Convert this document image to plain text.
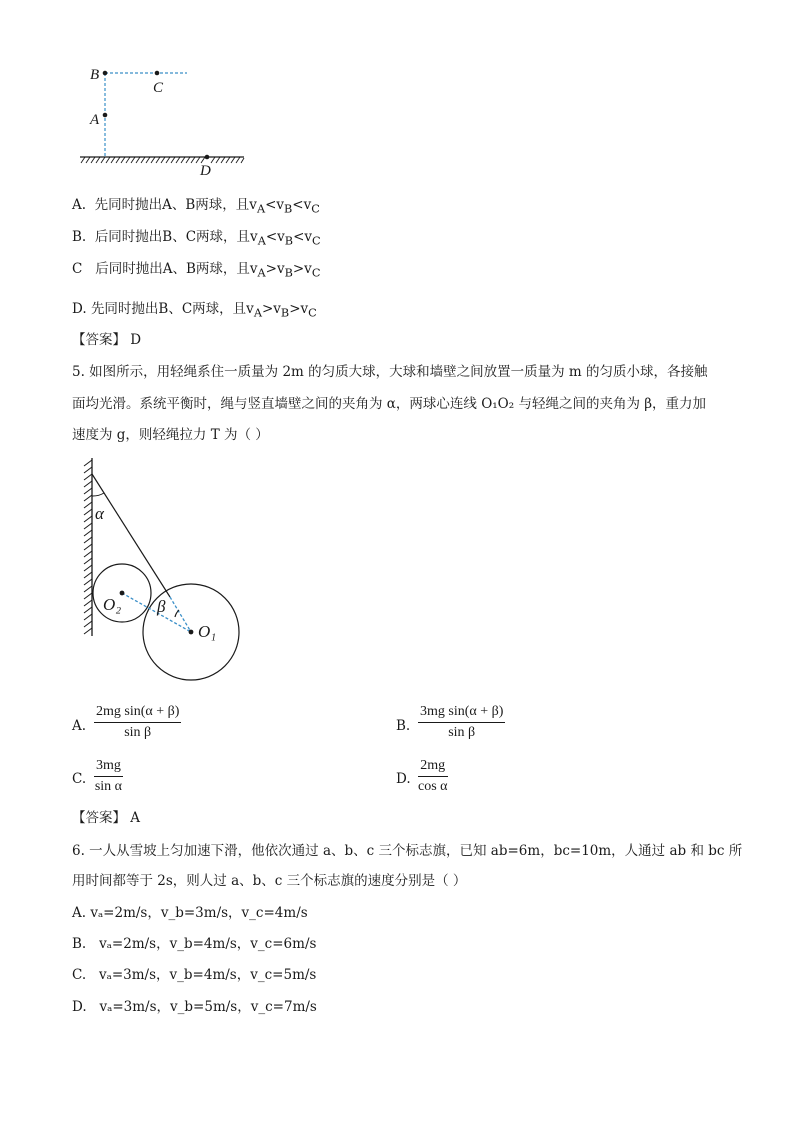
B
C
A
D
A. 先同时抛出A、B两球，且$v_A<v_B<v_C$
B. 后同时抛出B、C两球，且$v_A<v_B<v_C$
C 后同时抛出A、B两球，且$v_A>v_B>v_C$
D. 先同时抛出B、C两球，且$v_A>v_B>v_C$
【答案】 D
5. 如图所示，用轻绳系住一质量为 2m 的匀质大球，大球和墙壁之间放置一质量为 m 的匀质小球，各接触
面均光滑。系统平衡时，绳与竖直墙壁之间的夹角为 α，两球心连线 O₁O₂ 与轻绳之间的夹角为 β，重力加
速度为 g，则轻绳拉力 T 为（ ）
α
β
O₂
O₁
A. $\frac{\text{2mg sin(α + β)}}{\text{sin β}}$	B. $\frac{\text{3mg sin(α + β)}}{\text{sin β}}$
C. $\frac{3mg}{\text{sin α}}$	D. $\frac{2mg}{\text{cos α}}$
【答案】 A
6. 一人从雪坡上匀加速下滑，他依次通过 a、b、c 三个标志旗，已知 ab=6m，bc=10m，人通过 ab 和 bc 所
用时间都等于 2s，则人过 a、b、c 三个标志旗的速度分别是（ ）
A. vₐ=2m/s，v_b=3m/s，v_c=4m/s
B. vₐ=2m/s，v_b=4m/s，v_c=6m/s
C. vₐ=3m/s，v_b=4m/s，v_c=5m/s
D. vₐ=3m/s，v_b=5m/s，v_c=7m/s
